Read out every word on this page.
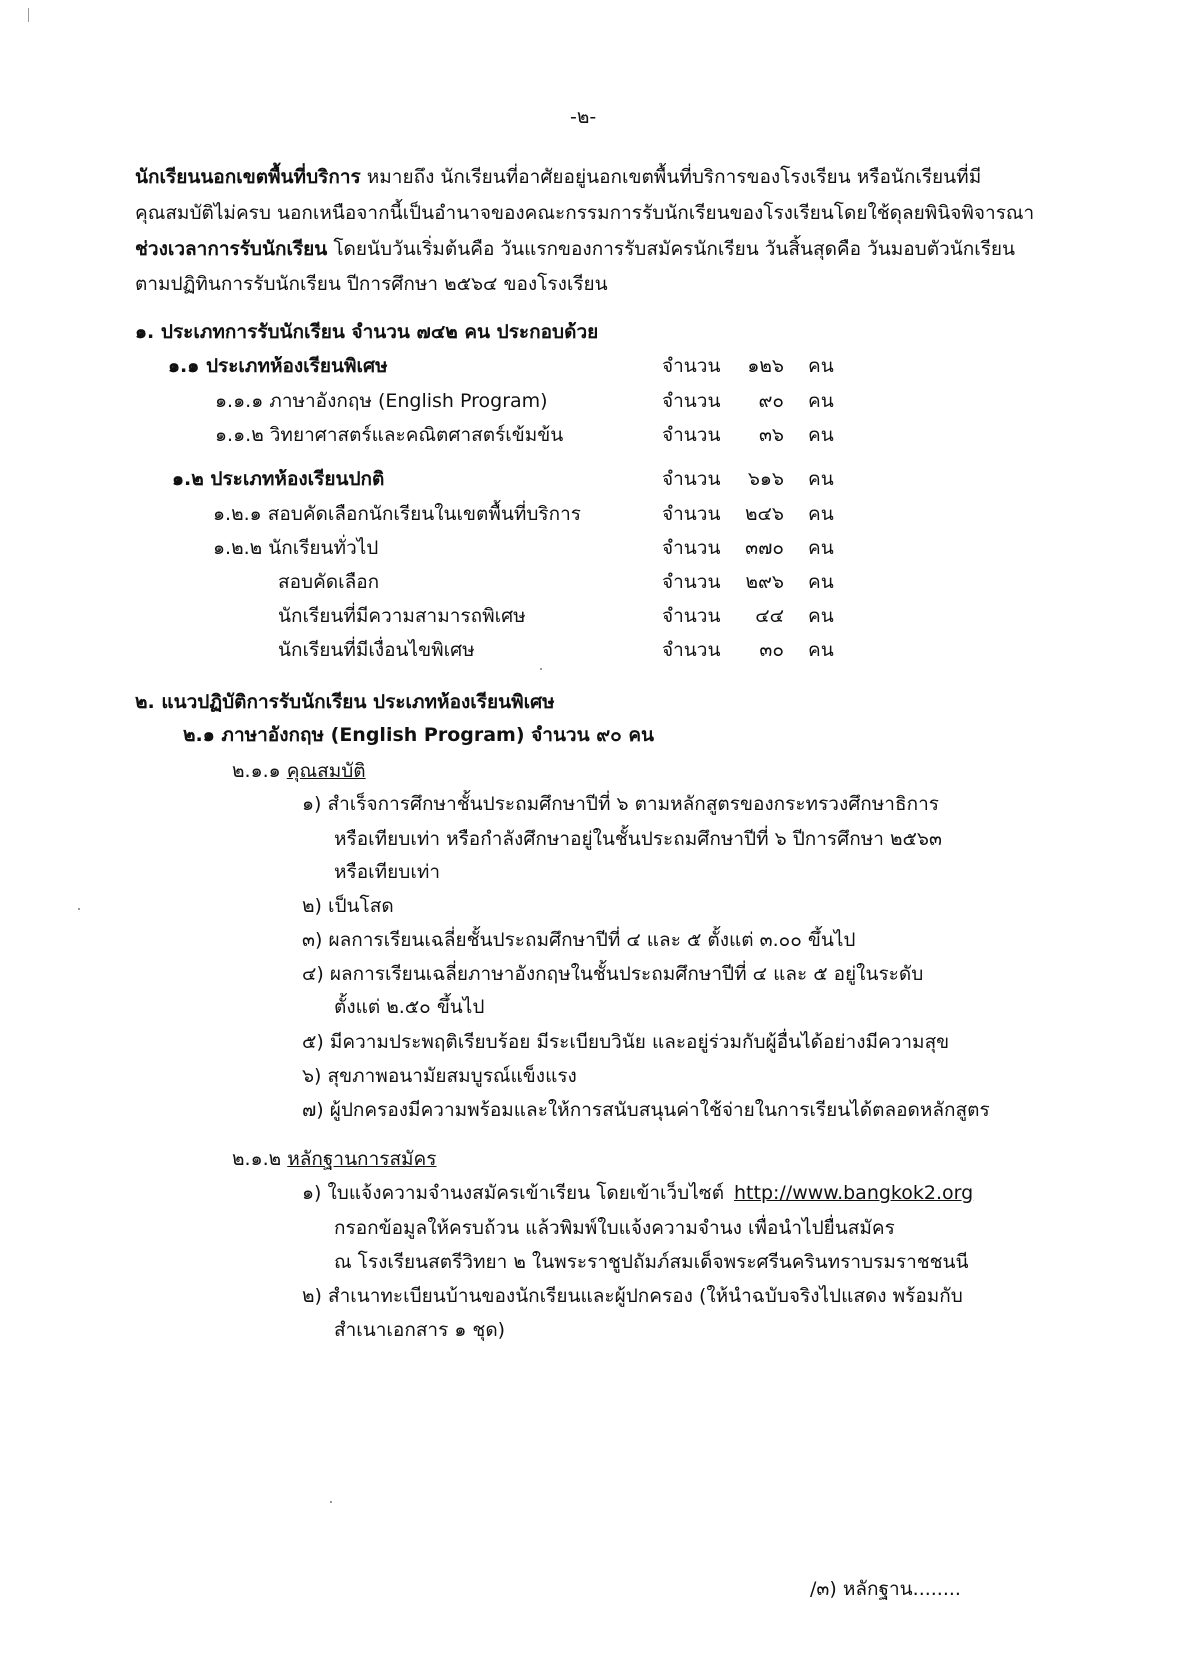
-๒-
นักเรียนนอกเขตพื้นที่บริการ หมายถึง นักเรียนที่อาศัยอยู่นอกเขตพื้นที่บริการของโรงเรียน หรือนักเรียนที่มี
คุณสมบัติไม่ครบ นอกเหนือจากนี้เป็นอำนาจของคณะกรรมการรับนักเรียนของโรงเรียนโดยใช้ดุลยพินิจพิจารณา
ช่วงเวลาการรับนักเรียน โดยนับวันเริ่มต้นคือ วันแรกของการรับสมัครนักเรียน วันสิ้นสุดคือ วันมอบตัวนักเรียน
ตามปฏิทินการรับนักเรียน ปีการศึกษา ๒๕๖๔ ของโรงเรียน
๑. ประเภทการรับนักเรียน จำนวน ๗๔๒ คน ประกอบด้วย
๑.๑ ประเภทห้องเรียนพิเศษ	จำนวน	๑๒๖ คน
๑.๑.๑ ภาษาอังกฤษ (English Program)	จำนวน	๙๐ คน
๑.๑.๒ วิทยาศาสตร์และคณิตศาสตร์เข้มข้น	จำนวน	๓๖ คน
๑.๒ ประเภทห้องเรียนปกติ	จำนวน	๖๑๖ คน
๑.๒.๑ สอบคัดเลือกนักเรียนในเขตพื้นที่บริการ	จำนวน	๒๔๖ คน
๑.๒.๒ นักเรียนทั่วไป	จำนวน	๓๗๐ คน
สอบคัดเลือก	จำนวน	๒๙๖ คน
นักเรียนที่มีความสามารถพิเศษ	จำนวน	๔๔ คน
นักเรียนที่มีเงื่อนไขพิเศษ	จำนวน	๓๐ คน
๒. แนวปฏิบัติการรับนักเรียน ประเภทห้องเรียนพิเศษ
๒.๑ ภาษาอังกฤษ (English Program) จำนวน ๙๐ คน
๒.๑.๑ คุณสมบัติ
๑) สำเร็จการศึกษาชั้นประถมศึกษาปีที่ ๖ ตามหลักสูตรของกระทรวงศึกษาธิการ
หรือเทียบเท่า หรือกำลังศึกษาอยู่ในชั้นประถมศึกษาปีที่ ๖ ปีการศึกษา ๒๕๖๓
หรือเทียบเท่า
๒) เป็นโสด
๓) ผลการเรียนเฉลี่ยชั้นประถมศึกษาปีที่ ๔ และ ๕ ตั้งแต่ ๓.๐๐ ขึ้นไป
๔) ผลการเรียนเฉลี่ยภาษาอังกฤษในชั้นประถมศึกษาปีที่ ๔ และ ๕ อยู่ในระดับ
ตั้งแต่ ๒.๕๐ ขึ้นไป
๕) มีความประพฤติเรียบร้อย มีระเบียบวินัย และอยู่ร่วมกับผู้อื่นได้อย่างมีความสุข
๖) สุขภาพอนามัยสมบูรณ์แข็งแรง
๗) ผู้ปกครองมีความพร้อมและให้การสนับสนุนค่าใช้จ่ายในการเรียนได้ตลอดหลักสูตร
๒.๑.๒ หลักฐานการสมัคร
๑) ใบแจ้งความจำนงสมัครเข้าเรียน โดยเข้าเว็บไซต์ http://www.bangkok2.org
กรอกข้อมูลให้ครบถ้วน แล้วพิมพ์ใบแจ้งความจำนง เพื่อนำไปยื่นสมัคร
ณ โรงเรียนสตรีวิทยา ๒ ในพระราชูปถัมภ์สมเด็จพระศรีนครินทราบรมราชชนนี
๒) สำเนาทะเบียนบ้านของนักเรียนและผู้ปกครอง (ให้นำฉบับจริงไปแสดง พร้อมกับ
สำเนาเอกสาร ๑ ชุด)
/๓) หลักฐาน........
